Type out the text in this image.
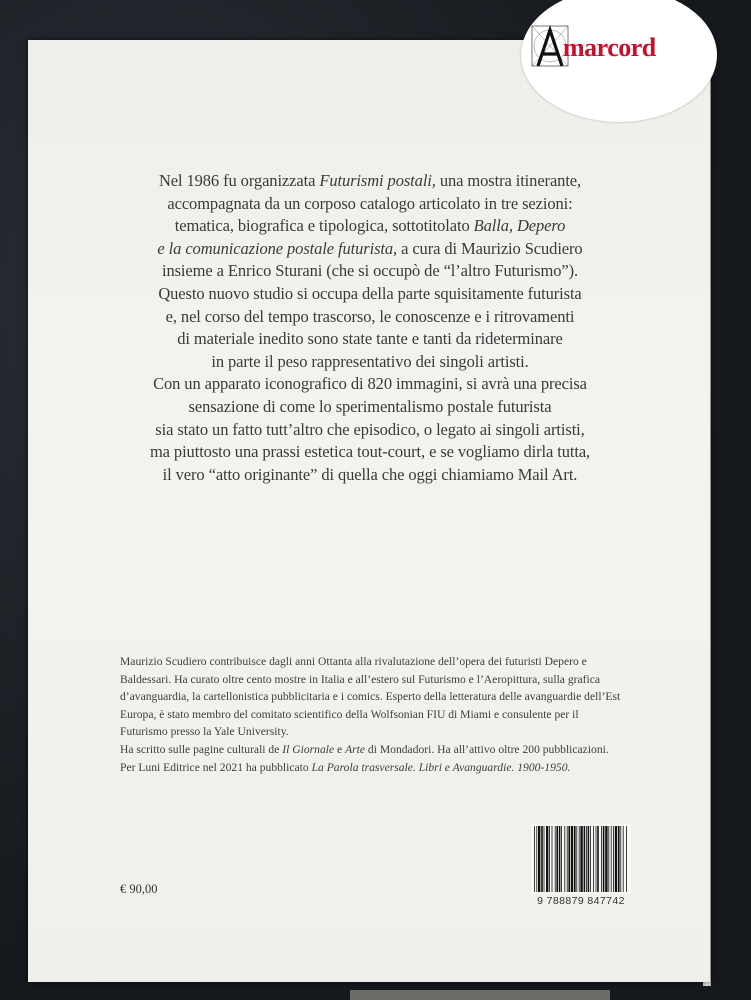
Nel 1986 fu organizzata Futurismi postali, una mostra itinerante,
accompagnata da un corposo catalogo articolato in tre sezioni:
tematica, biografica e tipologica, sottotitolato Balla, Depero
e la comunicazione postale futurista, a cura di Maurizio Scudiero
insieme a Enrico Sturani (che si occupò de “l’altro Futurismo”).
Questo nuovo studio si occupa della parte squisitamente futurista
e, nel corso del tempo trascorso, le conoscenze e i ritrovamenti
di materiale inedito sono state tante e tanti da rideterminare
in parte il peso rappresentativo dei singoli artisti.
Con un apparato iconografico di 820 immagini, si avrà una precisa
sensazione di come lo sperimentalismo postale futurista
sia stato un fatto tutt’altro che episodico, o legato ai singoli artisti,
ma piuttosto una prassi estetica tout-court, e se vogliamo dirla tutta,
il vero “atto originante” di quella che oggi chiamiamo Mail Art.
Maurizio Scudiero contribuisce dagli anni Ottanta alla rivalutazione dell’opera dei futuristi Depero e
Baldessari. Ha curato oltre cento mostre in Italia e all’estero sul Futurismo e l’Aeropittura, sulla grafica
d’avanguardia, la cartellonistica pubblicitaria e i comics. Esperto della letteratura delle avanguardie dell’Est
Europa, è stato membro del comitato scientifico della Wolfsonian FIU di Miami e consulente per il
Futurismo presso la Yale University.
Ha scritto sulle pagine culturali de Il Giornale e Arte di Mondadori. Ha all’attivo oltre 200 pubblicazioni.
Per Luni Editrice nel 2021 ha pubblicato La Parola trasversale. Libri e Avanguardie. 1900-1950.
€ 90,00
9 788879 847742
marcord
